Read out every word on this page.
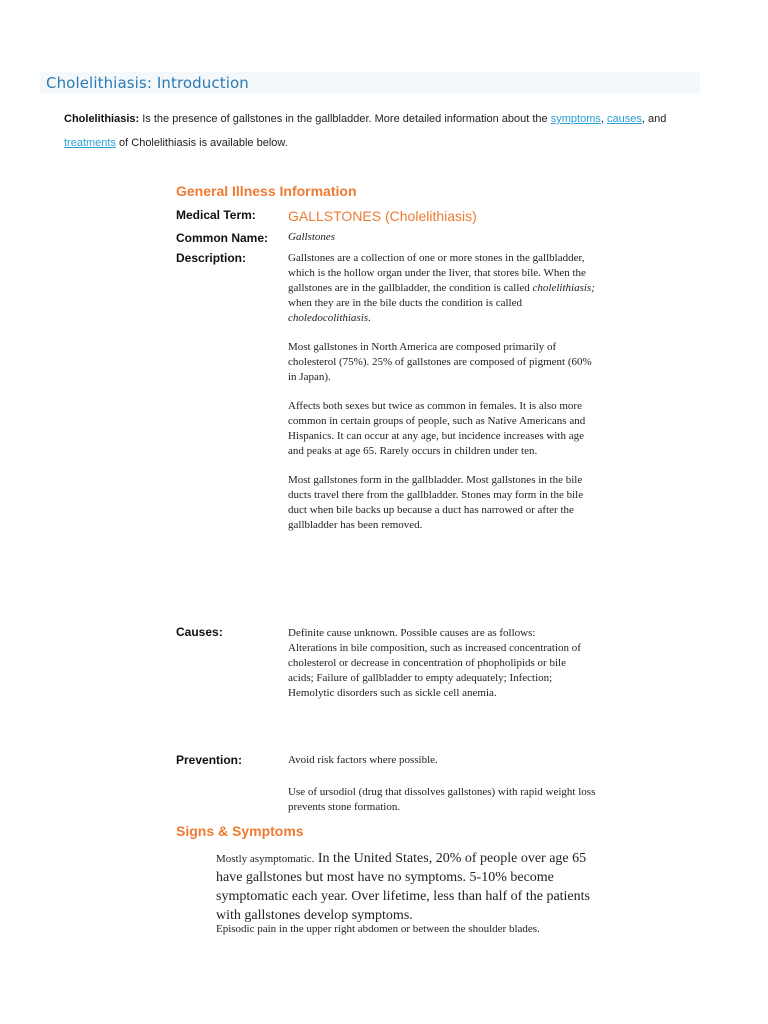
Cholelithiasis: Introduction
Cholelithiasis: Is the presence of gallstones in the gallbladder. More detailed information about the symptoms, causes, and
treatments of Cholelithiasis is available below.
General Illness Information
Medical Term: GALLSTONES (Cholelithiasis)
Common Name: Gallstones
Description:	Gallstones are a collection of one or more stones in the gallbladder, which is the hollow organ under the liver, that stores bile. When the gallstones are in the gallbladder, the condition is called cholelithiasis; when they are in the bile ducts the condition is called choledocolithiasis.

Most gallstones in North America are composed primarily of cholesterol (75%). 25% of gallstones are composed of pigment (60% in Japan).

Affects both sexes but twice as common in females. It is also more common in certain groups of people, such as Native Americans and Hispanics. It can occur at any age, but incidence increases with age and peaks at age 65. Rarely occurs in children under ten.

Most gallstones form in the gallbladder. Most gallstones in the bile ducts travel there from the gallbladder. Stones may form in the bile duct when bile backs up because a duct has narrowed or after the gallbladder has been removed.

Causes:	Definite cause unknown. Possible causes are as follows: Alterations in bile composition, such as increased concentration of cholesterol or decrease in concentration of phopholipids or bile acids; Failure of gallbladder to empty adequately; Infection; Hemolytic disorders such as sickle cell anemia.
Prevention:	Avoid risk factors where possible.

Use of ursodiol (drug that dissolves gallstones) with rapid weight loss prevents stone formation.

Signs & Symptoms
Mostly asymptomatic. In the United States, 20% of people over age 65 have gallstones but most have no symptoms. 5-10% become symptomatic each year. Over lifetime, less than half of the patients with gallstones develop symptoms.
Episodic pain in the upper right abdomen or between the shoulder blades.
